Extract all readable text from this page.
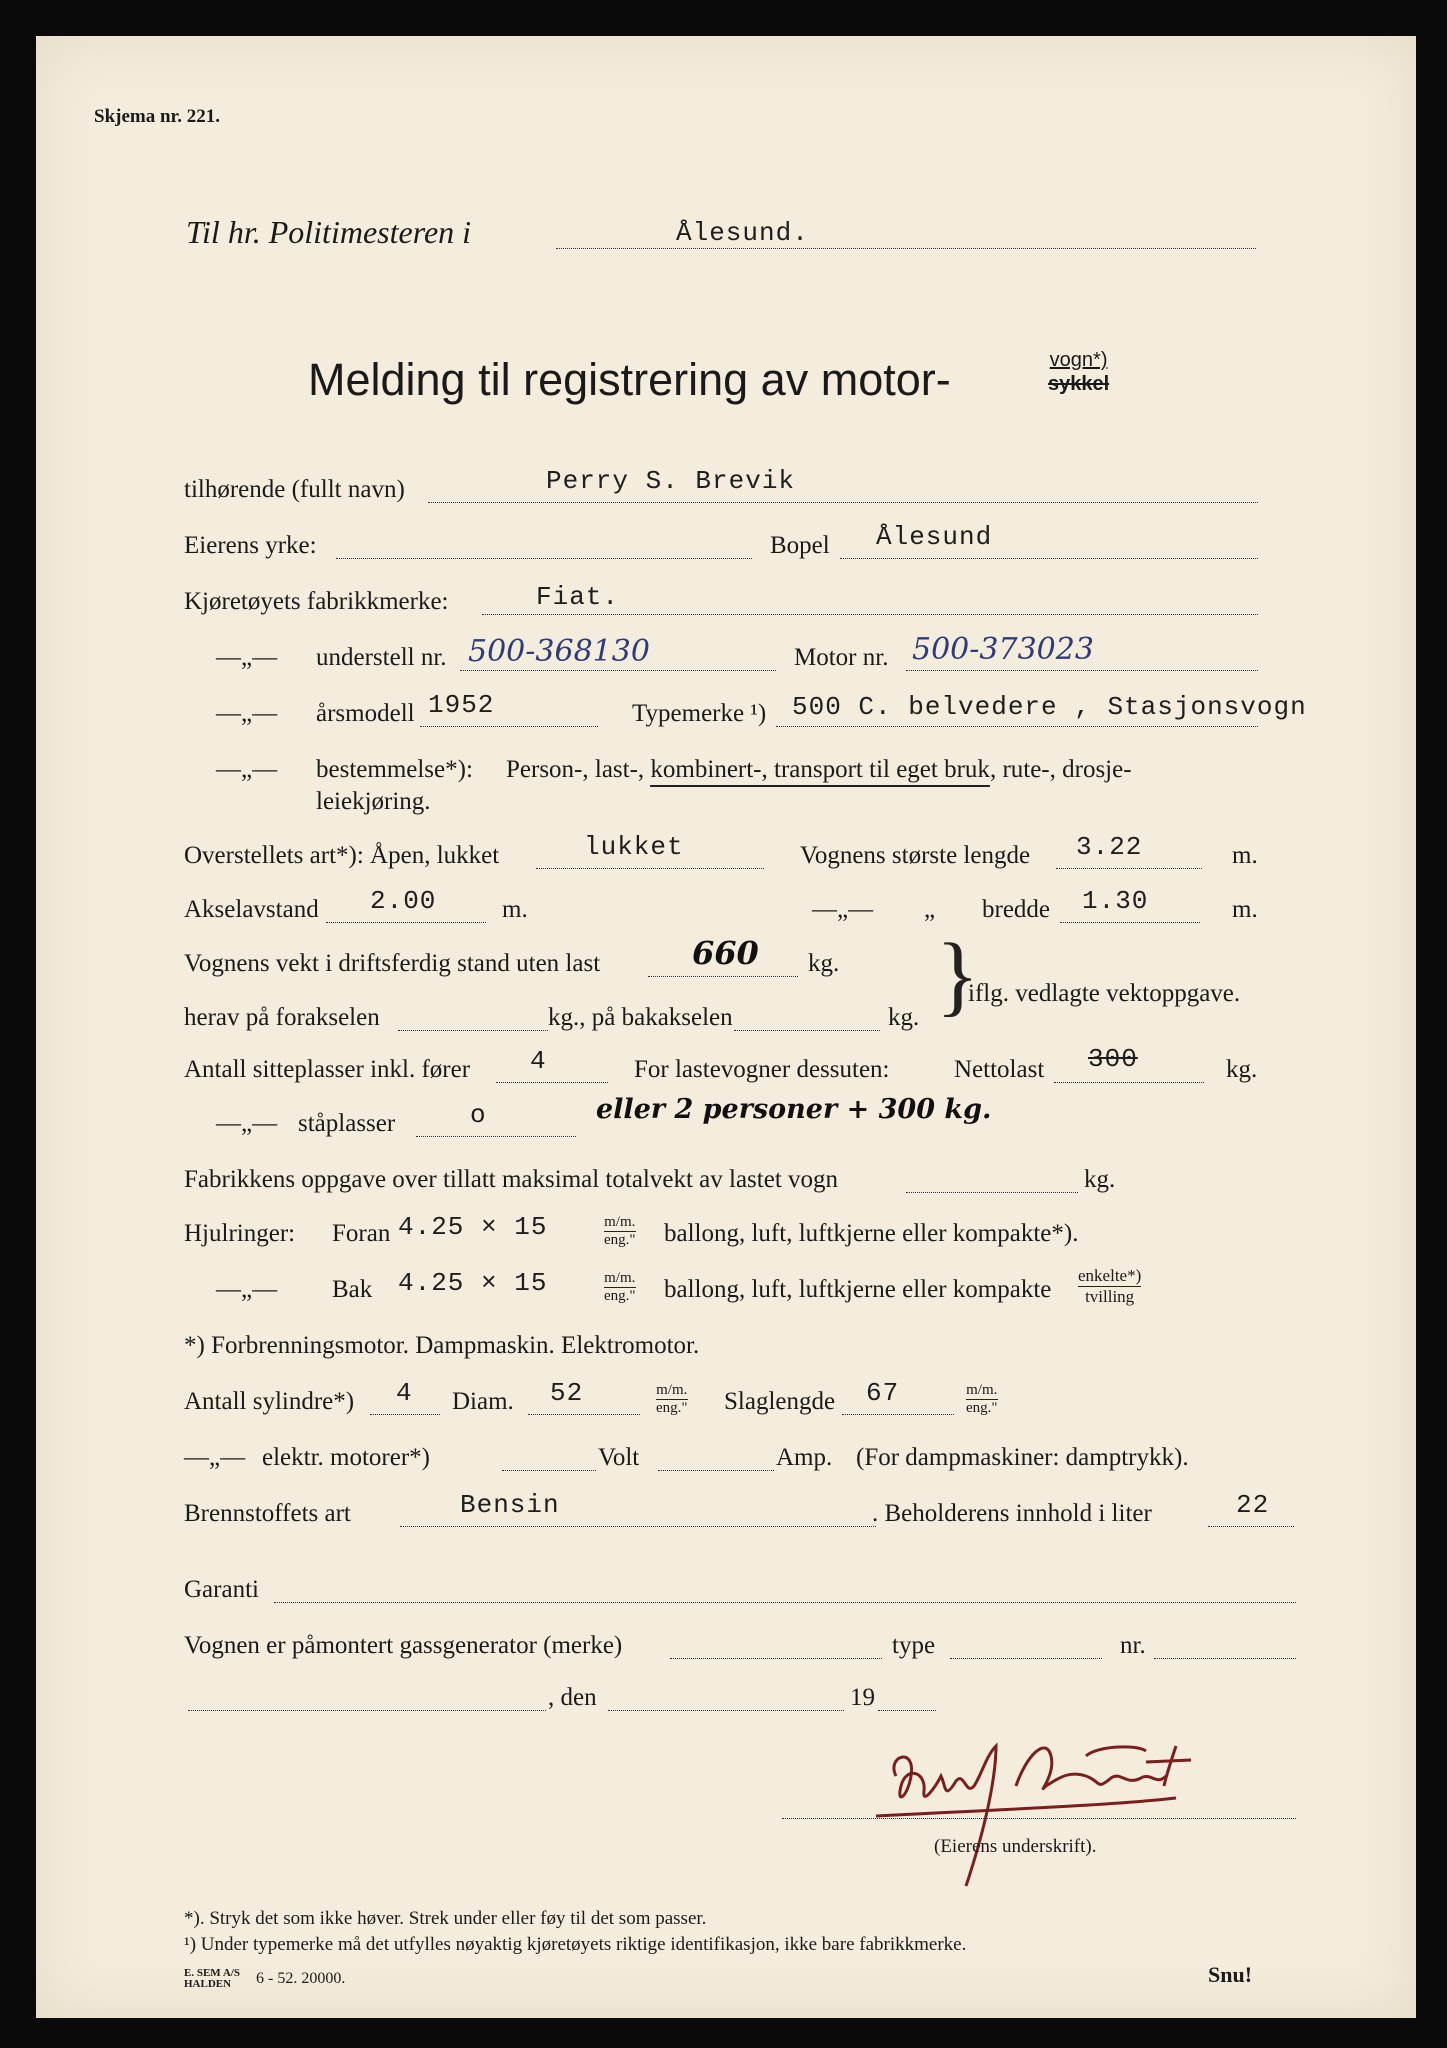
Skjema nr. 221.
Til hr. Politimesteren i	Ålesund.
Melding til registrering av motor-	vogn*)
sykkel
tilhørende (fullt navn)	Perry S. Brevik
Eierens yrke:	Bopel Ålesund
Kjøretøyets fabrikkmerke:	Fiat.
—„— understell nr. 500-368130	Motor nr. 500-373023
—„— årsmodell 1952	Typemerke ¹) 500 C. belvedere , Stasjonsvogn
—„— bestemmelse*): Person-, last-, kombinert-, transport til eget bruk, rute-, drosje-
leiekjøring.
Overstellets art*): Åpen, lukket	lukket	Vognens største lengde 3.22	m.
Akselavstand 2.00	m.	—„— „ bredde 1.30	m.
Vognens vekt i driftsferdig stand uten last	660 kg.
herav på forakselen	kg., på bakakselen	kg. }
iflg. vedlagte vektoppgave.
Antall sitteplasser inkl. fører 4	For lastevogner dessuten:	Nettolast 300	kg.
—„— ståplasser	o	eller 2 personer + 300 kg.
Fabrikkens oppgave over tillatt maksimal totalvekt av lastet vogn	kg.
Hjulringer: Foran 4.25 × 15	$\frac{m/m.}{\text{eng."}}$ ballong, luft, luftkjerne eller kompakte*).
—„— Bak 4.25 × 15	$\frac{m/m.}{\text{eng."}}$ ballong, luft, luftkjerne eller kompakte $\frac{\text{enkelte*)}}{\text{tvilling}}$
*) Forbrenningsmotor. Dampmaskin. Elektromotor.
Antall sylindre*) 4 Diam. 52	$\frac{m/m.}{\text{eng."}}$ Slaglengde 67	$\frac{m/m.}{\text{eng."}}$
—„— elektr. motorer*)	Volt	Amp. (For dampmaskiner: damptrykk).
Brennstoffets art	Bensin	. Beholderens innhold i liter	22
Garanti
Vognen er påmontert gassgenerator (merke)	type	nr.
, den	19
(Eierens underskrift).
*). Stryk det som ikke høver. Strek under eller føy til det som passer.
¹) Under typemerke må det utfylles nøyaktig kjøretøyets riktige identifikasjon, ikke bare fabrikkmerke.
E. SEM A/S
HALDEN	6 - 52. 20000.	Snu!
